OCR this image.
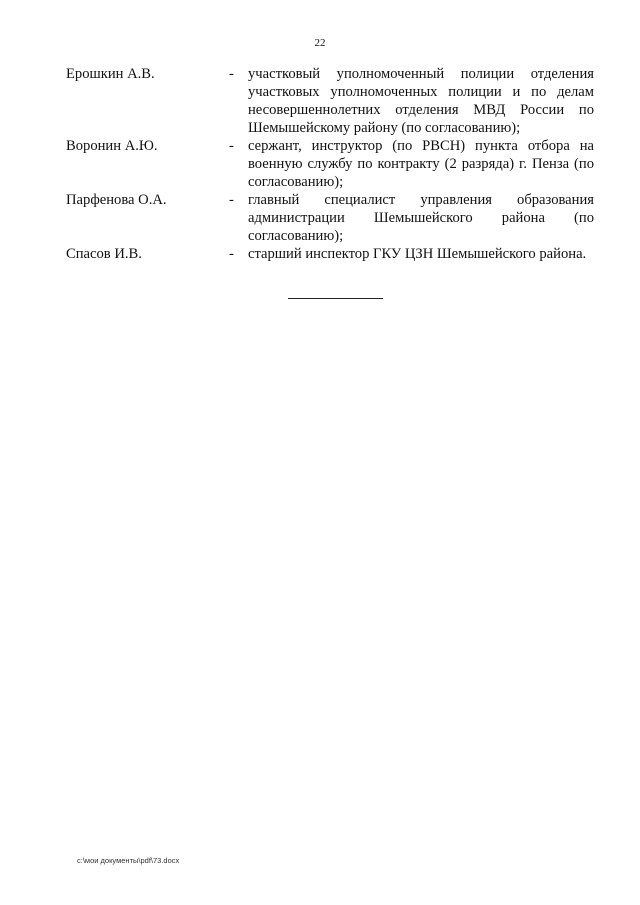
22
Ерошкин А.В.	- участковый уполномоченный полиции отделения участковых уполномоченных полиции и по делам несовершеннолетних отделения МВД России по Шемышейскому району (по согласованию);
Воронин А.Ю.	- сержант, инструктор (по РВСН) пункта отбора на военную службу по контракту (2 разряда) г. Пенза (по согласованию);
Парфенова О.А.	- главный специалист управления образования администрации Шемышейского района (по согласованию);
Спасов И.В.	- старший инспектор ГКУ ЦЗН Шемышейского района.
c:\мои документы\pdf\73.docx
